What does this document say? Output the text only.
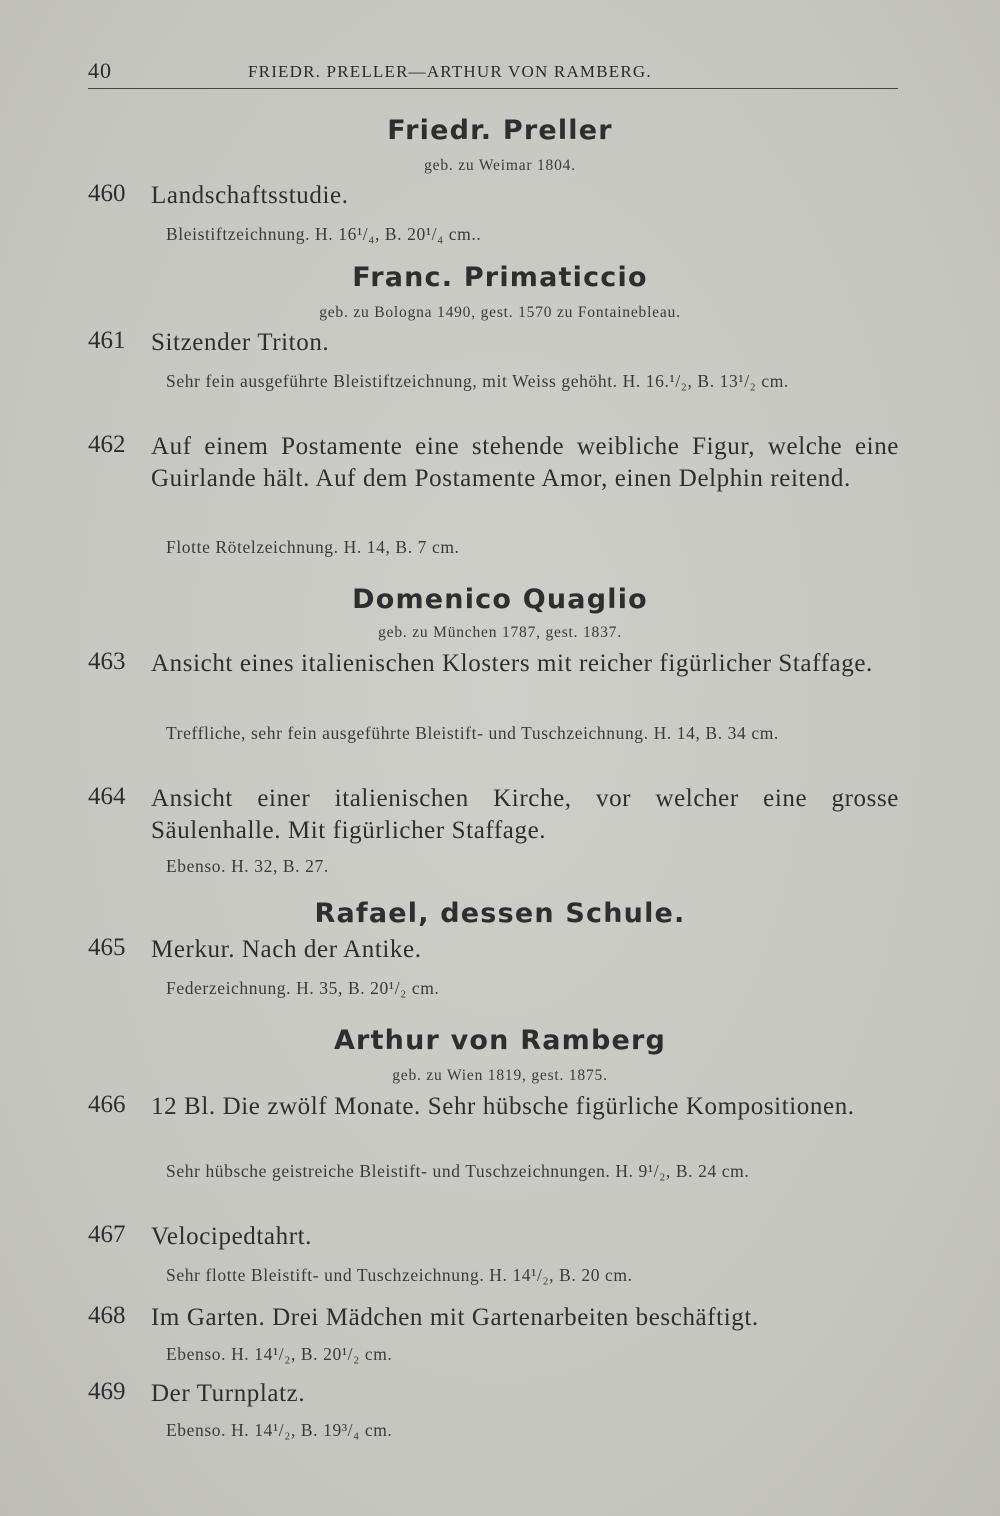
40	FRIEDR. PRELLER—ARTHUR VON RAMBERG.
Friedr. Preller
geb. zu Weimar 1804.
460 Landschaftsstudie.
Bleistiftzeichnung. H. 16¹/₄, B. 20¹/₄ cm..
Franc. Primaticcio
geb. zu Bologna 1490, gest. 1570 zu Fontainebleau.
461 Sitzender Triton.
Sehr fein ausgeführte Bleistiftzeichnung, mit Weiss gehöht. H. 16.¹/₂, B. 13¹/₂ cm.
462 Auf einem Postamente eine stehende weibliche Figur, welche eine Guirlande hält. Auf dem Postamente Amor, einen Delphin reitend.
Flotte Rötelzeichnung. H. 14, B. 7 cm.
Domenico Quaglio
geb. zu München 1787, gest. 1837.
463 Ansicht eines italienischen Klosters mit reicher figürlicher Staffage.
Treffliche, sehr fein ausgeführte Bleistift- und Tuschzeichnung. H. 14, B. 34 cm.
464 Ansicht einer italienischen Kirche, vor welcher eine grosse Säulenhalle. Mit figürlicher Staffage.
Ebenso. H. 32, B. 27.
Rafael, dessen Schule.
465 Merkur. Nach der Antike.
Federzeichnung. H. 35, B. 20¹/₂ cm.
Arthur von Ramberg
geb. zu Wien 1819, gest. 1875.
466 12 Bl. Die zwölf Monate. Sehr hübsche figürliche Kompositionen.
Sehr hübsche geistreiche Bleistift- und Tuschzeichnungen. H. 9¹/₂, B. 24 cm.
467 Velocipedtahrt.
Sehr flotte Bleistift- und Tuschzeichnung. H. 14¹/₂, B. 20 cm.
468 Im Garten. Drei Mädchen mit Gartenarbeiten beschäftigt.
Ebenso. H. 14¹/₂, B. 20¹/₂ cm.
469 Der Turnplatz.
Ebenso. H. 14¹/₂, B. 19³/₄ cm.
